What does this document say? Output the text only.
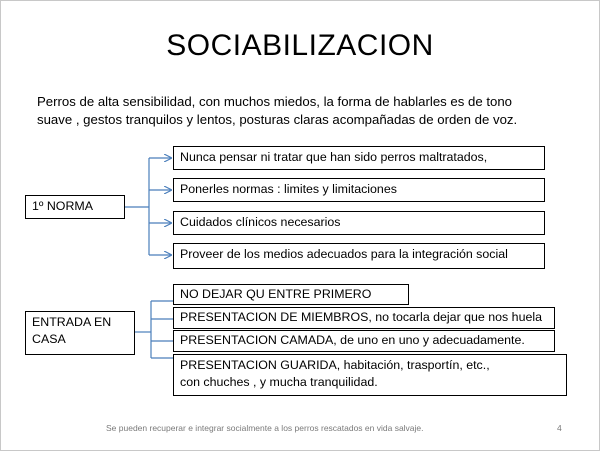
SOCIABILIZACION
Perros de alta sensibilidad, con muchos miedos, la forma de hablarles es de tono
suave , gestos tranquilos y lentos, posturas claras acompañadas de orden de voz.
1º NORMA
Nunca pensar ni tratar que han sido perros maltratados,
Ponerles normas : limites y limitaciones
Cuidados clínicos necesarios
Proveer de los medios adecuados para la integración social
ENTRADA EN
CASA
NO DEJAR QU ENTRE PRIMERO
PRESENTACION DE MIEMBROS, no tocarla dejar que nos huela
PRESENTACION CAMADA, de uno en uno y adecuadamente.
PRESENTACION GUARIDA, habitación, trasportín, etc., con chuches , y mucha tranquilidad.
Se pueden recuperar e integrar socialmente a los perros rescatados en vida salvaje.	4
